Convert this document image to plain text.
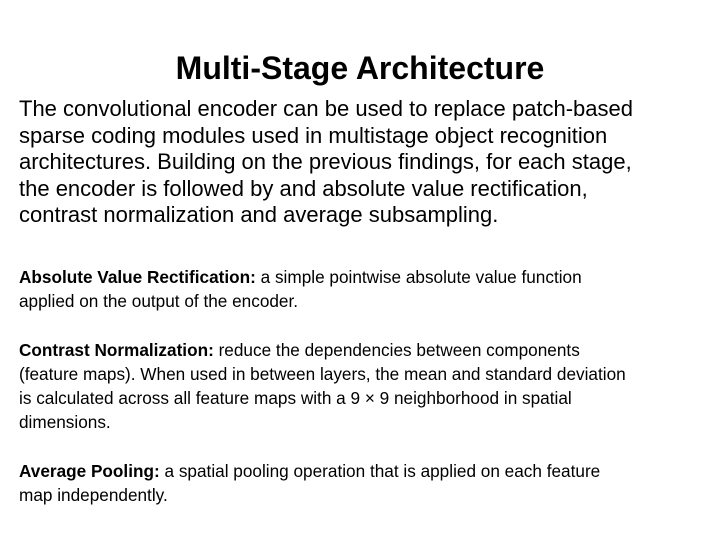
Multi-Stage Architecture

The convolutional encoder can be used to replace patch-based
sparse coding modules used in multistage object recognition
architectures. Building on the previous findings, for each stage,
the encoder is followed by and absolute value rectification,
contrast normalization and average subsampling.

Absolute Value Rectification: a simple pointwise absolute value function
applied on the output of the encoder.

Contrast Normalization: reduce the dependencies between components
(feature maps). When used in between layers, the mean and standard deviation
is calculated across all feature maps with a 9 × 9 neighborhood in spatial
dimensions.

Average Pooling: a spatial pooling operation that is applied on each feature
map independently.
